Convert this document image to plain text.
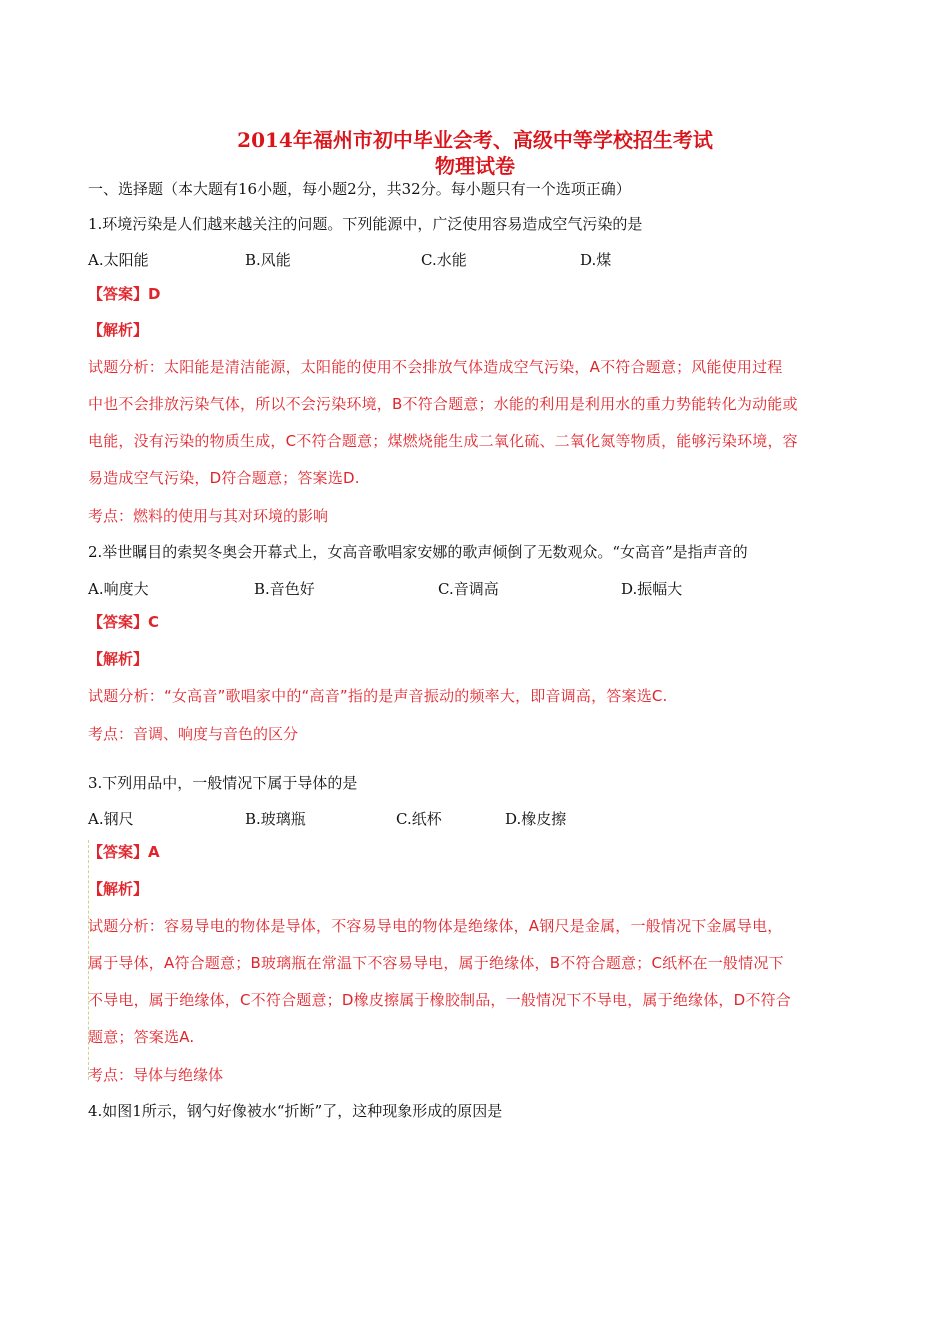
2014年福州市初中毕业会考、高级中等学校招生考试
物理试卷
一、选择题（本大题有16小题，每小题2分，共32分。每小题只有一个选项正确）
1.环境污染是人们越来越关注的问题。下列能源中，广泛使用容易造成空气污染的是
A.太阳能	B.风能	C.水能	D.煤
【答案】D
【解析】
试题分析：太阳能是清洁能源，太阳能的使用不会排放气体造成空气污染，A不符合题意；风能使用过程
中也不会排放污染气体，所以不会污染环境，B不符合题意；水能的利用是利用水的重力势能转化为动能或
电能，没有污染的物质生成，C不符合题意；煤燃烧能生成二氧化硫、二氧化氮等物质，能够污染环境，容
易造成空气污染，D符合题意；答案选D.
考点：燃料的使用与其对环境的影响
2.举世瞩目的索契冬奥会开幕式上，女高音歌唱家安娜的歌声倾倒了无数观众。“女高音”是指声音的
A.响度大	B.音色好	C.音调高	D.振幅大
【答案】C
【解析】
试题分析：“女高音”歌唱家中的“高音”指的是声音振动的频率大，即音调高，答案选C.
考点：音调、响度与音色的区分
3.下列用品中，一般情况下属于导体的是
A.钢尺	B.玻璃瓶	C.纸杯	D.橡皮擦
【答案】A
【解析】
试题分析：容易导电的物体是导体，不容易导电的物体是绝缘体，A钢尺是金属，一般情况下金属导电，
属于导体，A符合题意；B玻璃瓶在常温下不容易导电，属于绝缘体，B不符合题意；C纸杯在一般情况下
不导电，属于绝缘体，C不符合题意；D橡皮擦属于橡胶制品，一般情况下不导电，属于绝缘体，D不符合
题意；答案选A.
考点：导体与绝缘体
4.如图1所示，钢勺好像被水“折断”了，这种现象形成的原因是
